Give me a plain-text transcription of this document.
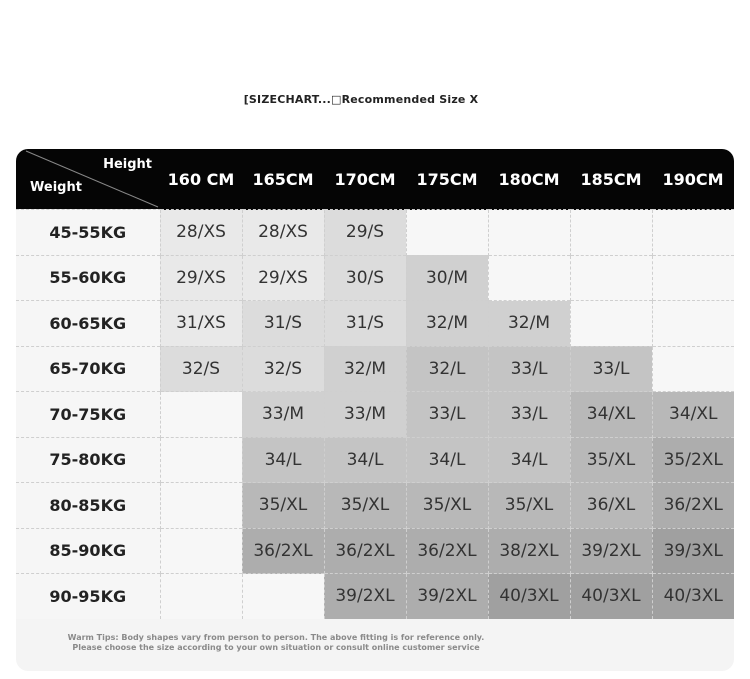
[SIZECHART...□Recommended Size X
Height
Weight	160 CM	165CM	170CM	175CM	180CM	185CM	190CM
45-55KG	28/XS	28/XS	29/S				
55-60KG	29/XS	29/XS	30/S	30/M			
60-65KG	31/XS	31/S	31/S	32/M	32/M		
65-70KG	32/S	32/S	32/M	32/L	33/L	33/L	
70-75KG		33/M	33/M	33/L	33/L	34/XL	34/XL
75-80KG		34/L	34/L	34/L	34/L	35/XL	35/2XL
80-85KG		35/XL	35/XL	35/XL	35/XL	36/XL	36/2XL
85-90KG		36/2XL	36/2XL	36/2XL	38/2XL	39/2XL	39/3XL
90-95KG			39/2XL	39/2XL	40/3XL	40/3XL	40/3XL
Warm Tips: Body shapes vary from person to person. The above fitting is for reference only.
Please choose the size according to your own situation or consult online customer service
